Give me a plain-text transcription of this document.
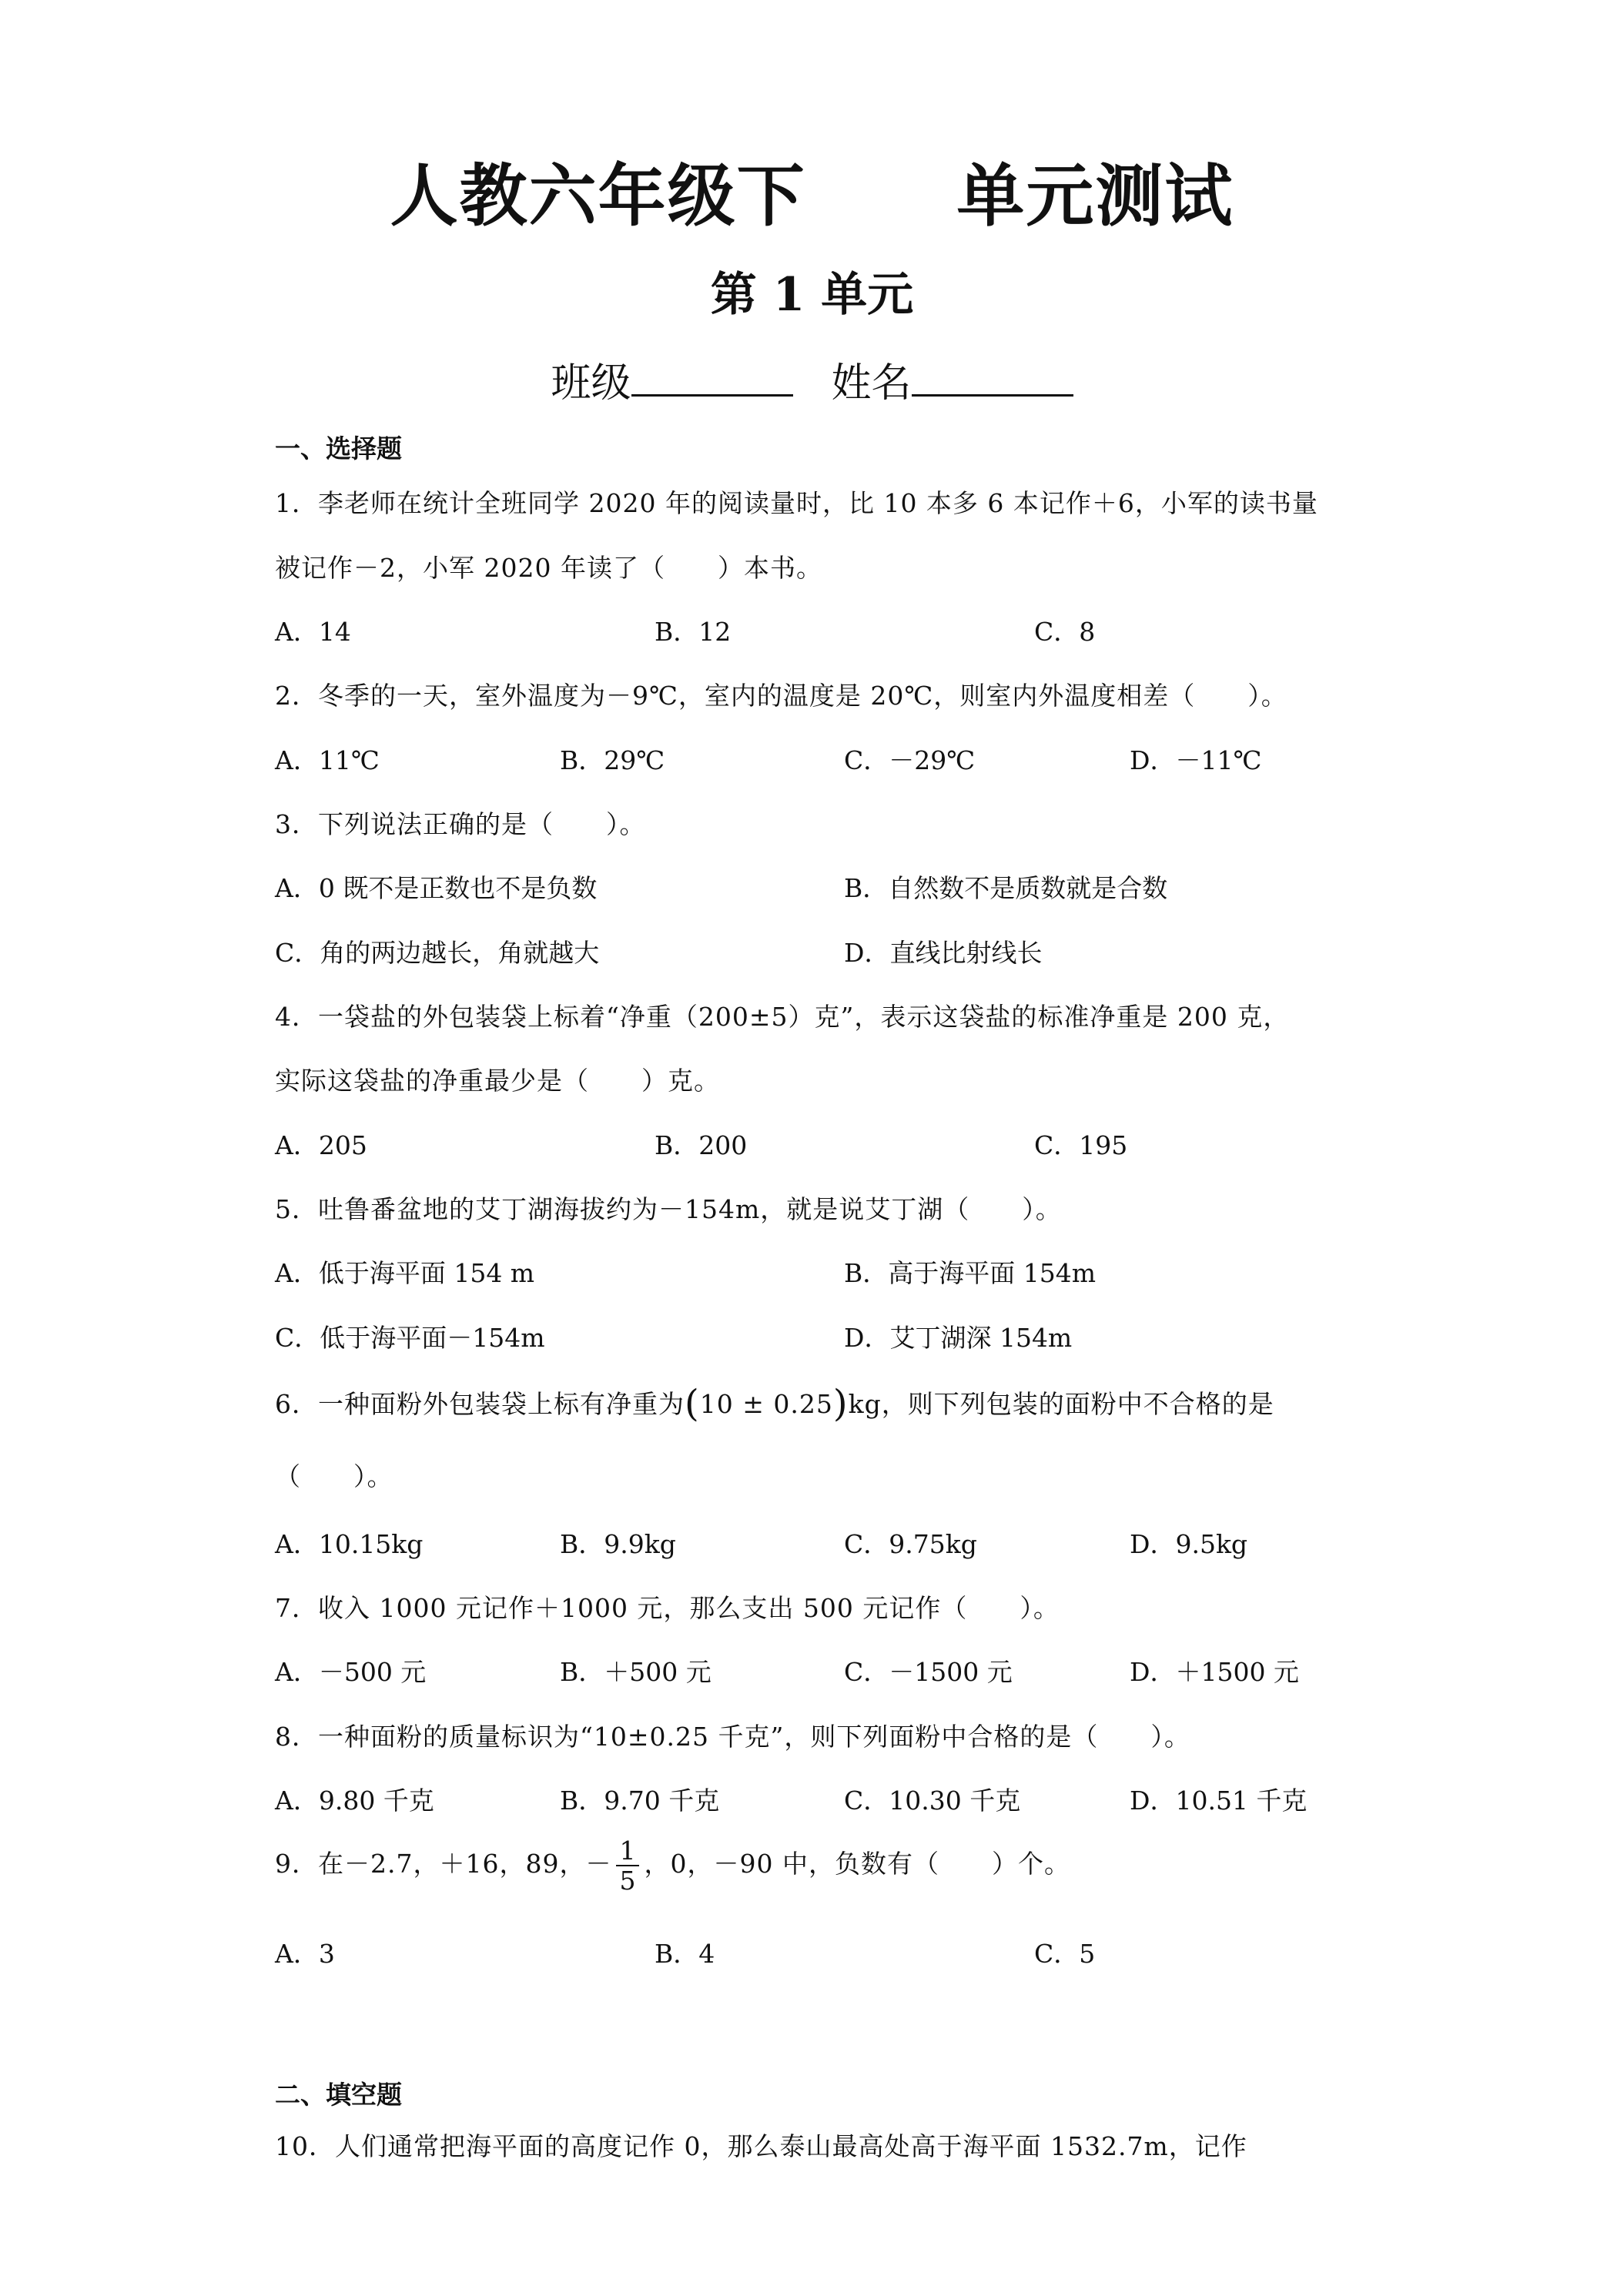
人教六年级下      单元测试
第 1 单元
班级	姓名
一、选择题
1．李老师在统计全班同学 2020 年的阅读量时，比 10 本多 6 本记作＋6，小军的读书量
被记作－2，小军 2020 年读了（　　）本书。
A．14	B．12	C．8
2．冬季的一天，室外温度为－9℃，室内的温度是 20℃，则室内外温度相差（　　）。
A．11℃	B．29℃	C．－29℃	D．－11℃
3．下列说法正确的是（　　）。
A．0 既不是正数也不是负数	B．自然数不是质数就是合数
C．角的两边越长，角就越大	D．直线比射线长
4．一袋盐的外包装袋上标着“净重（200±5）克”，表示这袋盐的标准净重是 200 克，
实际这袋盐的净重最少是（　　）克。
A．205	B．200	C．195
5．吐鲁番盆地的艾丁湖海拔约为－154m，就是说艾丁湖（　　）。
A．低于海平面 154 m	B．高于海平面 154m
C．低于海平面－154m	D．艾丁湖深 154m
6．一种面粉外包装袋上标有净重为(10 ± 0.25)kg，则下列包装的面粉中不合格的是
（　　）。
A．10.15kg	B．9.9kg	C．9.75kg	D．9.5kg
7．收入 1000 元记作＋1000 元，那么支出 500 元记作（　　）。
A．－500 元	B．＋500 元	C．－1500 元	D．＋1500 元
8．一种面粉的质量标识为“10±0.25 千克”，则下列面粉中合格的是（　　）。
A．9.80 千克	B．9.70 千克	C．10.30 千克	D．10.51 千克
9．在－2.7，＋16，89，－ $\frac{1}{5}$ ，0，－90 中，负数有（　　）个。
A．3	B．4	C．5
二、填空题
10．人们通常把海平面的高度记作 0，那么泰山最高处高于海平面 1532.7m，记作
